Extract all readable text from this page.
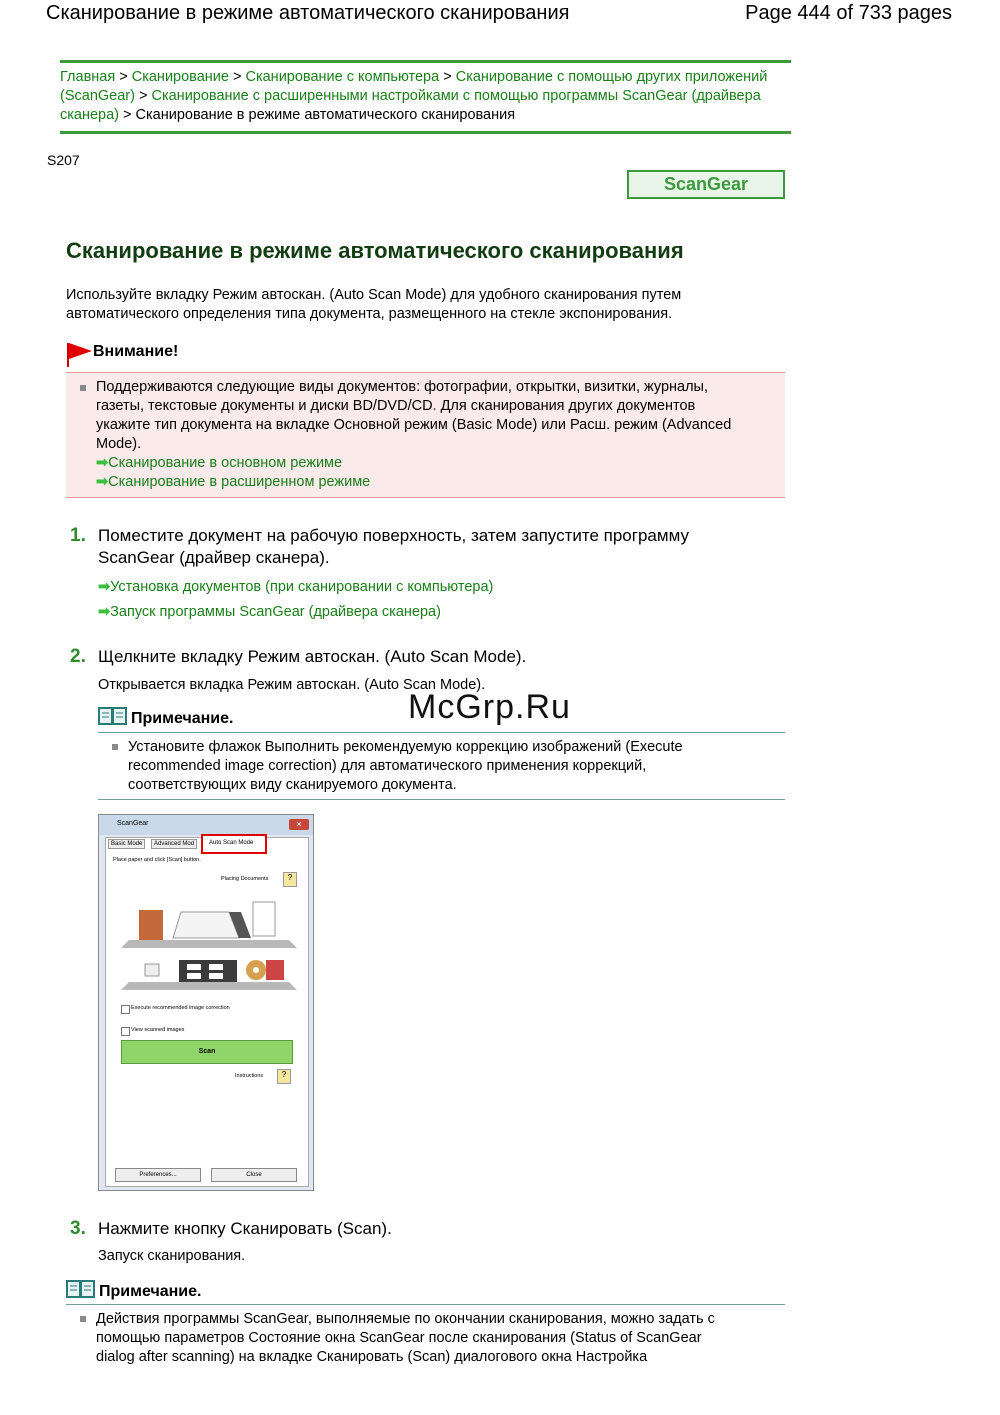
Сканирование в режиме автоматического сканирования	Page 444 of 733 pages
Главная > Сканирование > Сканирование с компьютера > Сканирование с помощью других приложений (ScanGear) > Сканирование с расширенными настройками с помощью программы ScanGear (драйвера сканера) > Сканирование в режиме автоматического сканирования
S207
ScanGear
Сканирование в режиме автоматического сканирования
Используйте вкладку Режим автоскан. (Auto Scan Mode) для удобного сканирования путем
автоматического определения типа документа, размещенного на стекле экспонирования.
Внимание!
Поддерживаются следующие виды документов: фотографии, открытки, визитки, журналы,
газеты, текстовые документы и диски BD/DVD/CD. Для сканирования других документов
укажите тип документа на вкладке Основной режим (Basic Mode) или Расш. режим (Advanced
Mode).
➡Сканирование в основном режиме
➡Сканирование в расширенном режиме
1. Поместите документ на рабочую поверхность, затем запустите программу
ScanGear (драйвер сканера).
➡Установка документов (при сканировании с компьютера)
➡Запуск программы ScanGear (драйвера сканера)
2. Щелкните вкладку Режим автоскан. (Auto Scan Mode).
Открывается вкладка Режим автоскан. (Auto Scan Mode).
McGrp.Ru
Примечание.
Установите флажок Выполнить рекомендуемую коррекцию изображений (Execute
recommended image correction) для автоматического применения коррекций,
соответствующих виду сканируемого документа.
ScanGear	✕
Basic Mode	Advanced Mod	Auto Scan Mode
Place paper and click [Scan] button.
Placing Documents	?
Execute recommended image correction
View scanned images
Scan
Instructions	?
Preferences...	Close
3. Нажмите кнопку Сканировать (Scan).
Запуск сканирования.
Примечание.
Действия программы ScanGear, выполняемые по окончании сканирования, можно задать с
помощью параметров Состояние окна ScanGear после сканирования (Status of ScanGear
dialog after scanning) на вкладке Сканировать (Scan) диалогового окна Настройка
